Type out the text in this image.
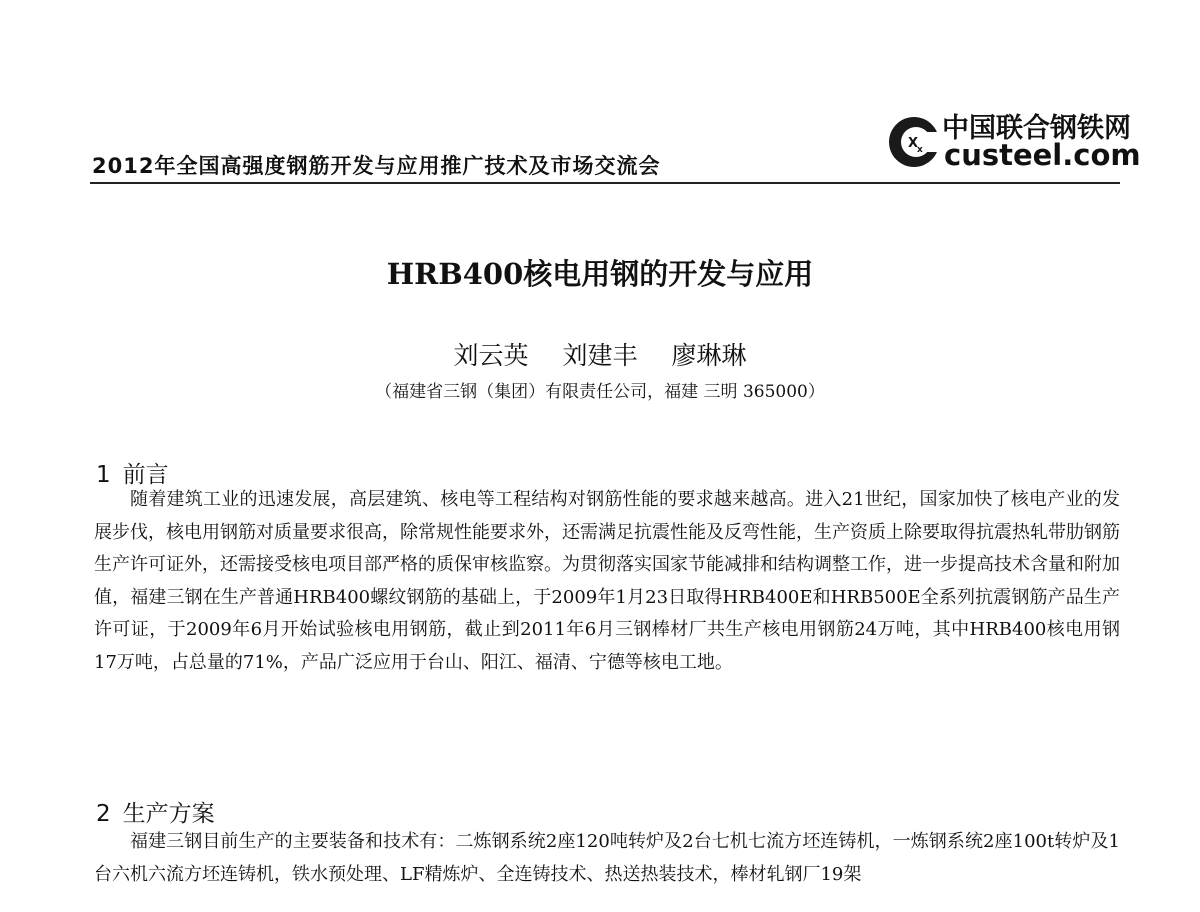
2012年全国高强度钢筋开发与应用推广技术及市场交流会
X
x
中国联合钢铁网
custeel.com
HRB400核电用钢的开发与应用
刘云英 刘建丰 廖琳琳
（福建省三钢（集团）有限责任公司，福建 三明 365000）
1 前言

随着建筑工业的迅速发展，高层建筑、核电等工程结构对钢筋性能的要求越来越高。进入21世纪，国家加快了核电产业的发展步伐，核电用钢筋对质量要求很高，除常规性能要求外，还需满足抗震性能及反弯性能，生产资质上除要取得抗震热轧带肋钢筋生产许可证外，还需接受核电项目部严格的质保审核监察。为贯彻落实国家节能减排和结构调整工作，进一步提高技术含量和附加值，福建三钢在生产普通HRB400螺纹钢筋的基础上，于2009年1月23日取得HRB400E和HRB500E全系列抗震钢筋产品生产许可证，于2009年6月开始试验核电用钢筋，截止到2011年6月三钢棒材厂共生产核电用钢筋24万吨，其中HRB400核电用钢17万吨，占总量的71%，产品广泛应用于台山、阳江、福清、宁德等核电工地。

2 生产方案

福建三钢目前生产的主要装备和技术有：二炼钢系统2座120吨转炉及2台七机七流方坯连铸机，一炼钢系统2座100t转炉及1台六机六流方坯连铸机，铁水预处理、LF精炼炉、全连铸技术、热送热装技术，棒材轧钢厂19架
